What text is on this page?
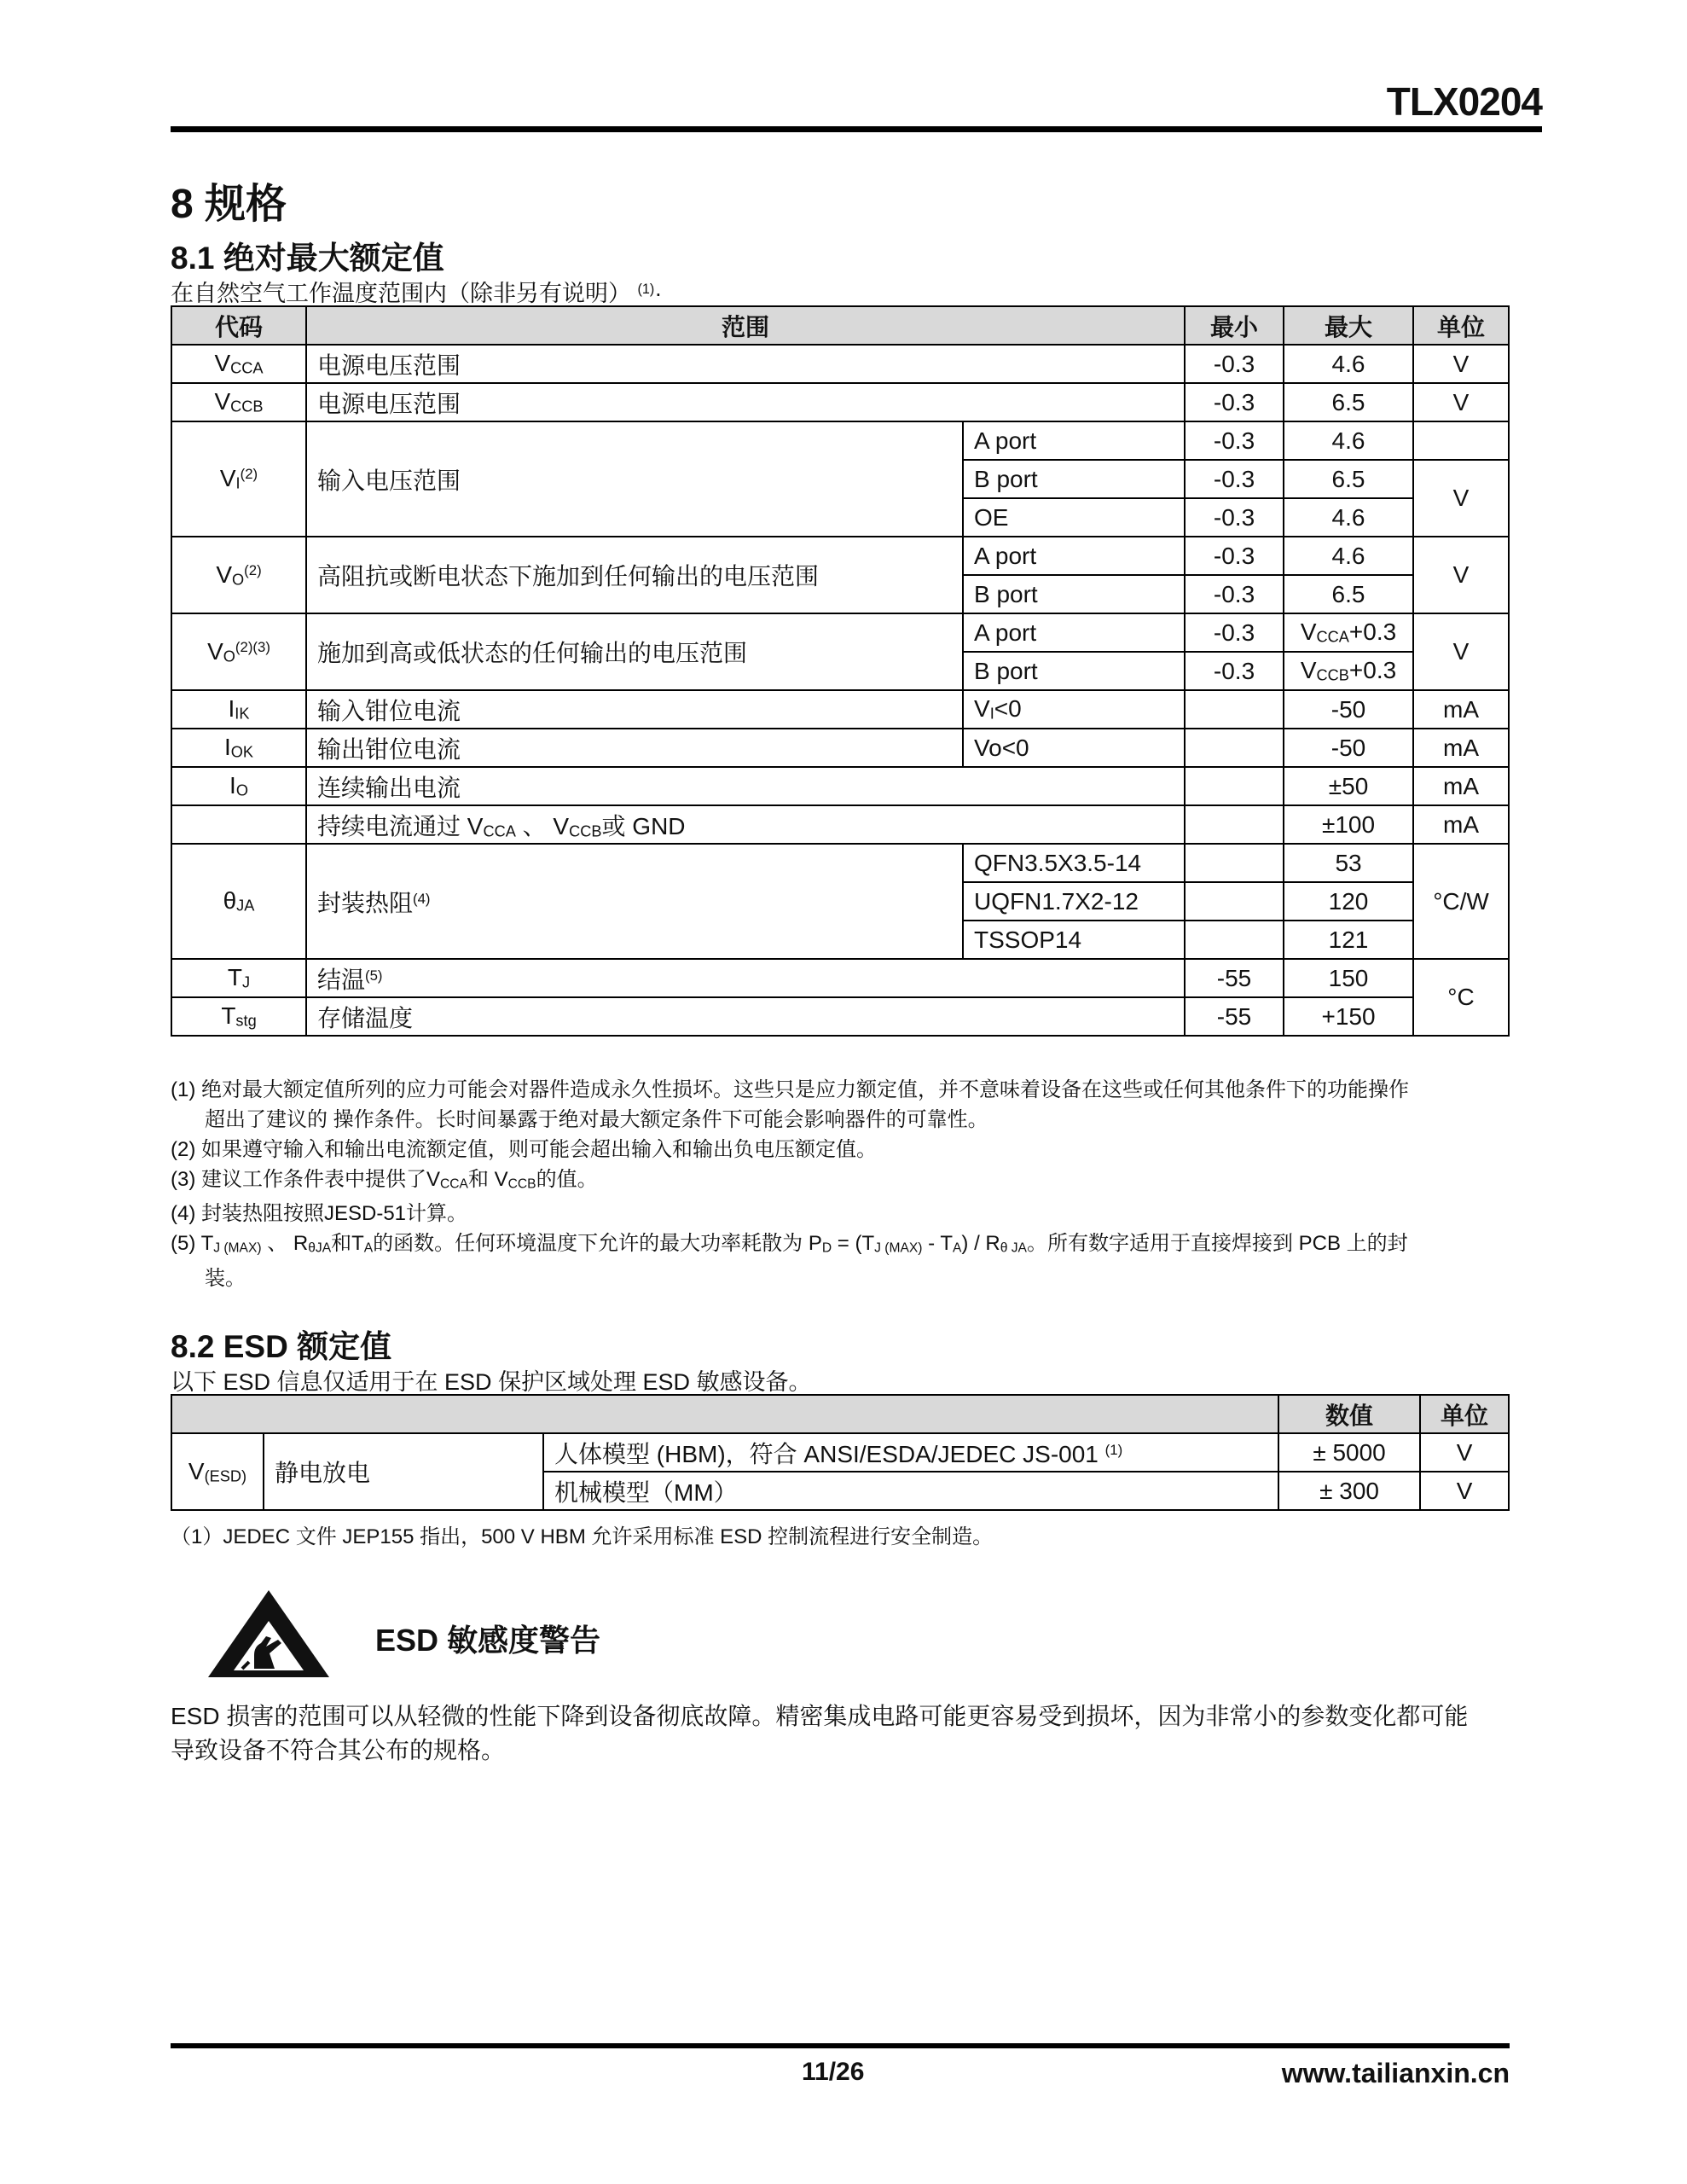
TLX0204
8 规格
8.1 绝对最大额定值
在自然空气工作温度范围内（除非另有说明） $^{(1)}$·
代码	范围		最小	最大	单位
$V_{CCA}$	电源电压范围		-0.3	4.6	V
$V_{CCB}$	电源电压范围		-0.3	6.5	V
$V_I^{(2)}$	输入电压范围	A port	-0.3	4.6	
		B port	-0.3	6.5	V
		OE	-0.3	4.6	
$V_O^{(2)}$	高阻抗或断电状态下施加到任何输出的电压范围	A port	-0.3	4.6	V
		B port	-0.3	6.5	
$V_O^{(2)(3)}$	施加到高或低状态的任何输出的电压范围	A port	-0.3	$V_{CCA}+0.3$	V
		B port	-0.3	$V_{CCB}+0.3$	
$I_{IK}$	输入钳位电流	$V_I<0$		-50	mA
$I_{OK}$	输出钳位电流	Vo<0		-50	mA
$I_O$	连续输出电流			±50	mA
	持续电流通过 $V_{CCA}$ 、 $V_{CCB}$或 GND			±100	mA
$\theta_{JA}$	封装热阻$^{(4)}$	QFN3.5X3.5-14		53	°C/W
		UQFN1.7X2-12		120	
		TSSOP14		121	
$T_J$	结温$^{(5)}$		-55	150	°C
$T_{stg}$	存储温度		-55	+150	
(1) 绝对最大额定值所列的应力可能会对器件造成永久性损坏。这些只是应力额定值，并不意味着设备在这些或任何其他条件下的功能操作
超出了建议的 操作条件。长时间暴露于绝对最大额定条件下可能会影响器件的可靠性。
(2) 如果遵守输入和输出电流额定值，则可能会超出输入和输出负电压额定值。
(3) 建议工作条件表中提供了$V_{CCA}$和 $V_{CCB}$的值。
(4) 封装热阻按照JESD-51计算。
(5) $T_{J (MAX)}$ 、 $R_{\theta JA}$和$T_A$的函数。任何环境温度下允许的最大功率耗散为 $P_D = (T_{J (MAX)} - T_A) / R_{\theta JA}$。所有数字适用于直接焊接到 PCB 上的封
装。
8.2 ESD 额定值
以下 ESD 信息仅适用于在 ESD 保护区域处理 ESD 敏感设备。
			数值	单位
$V_{(ESD)}$	静电放电	人体模型 (HBM)，符合 ANSI/ESDA/JEDEC JS-001 $^{(1)}$	± 5000	V
		机械模型（MM）	± 300	V
（1）JEDEC 文件 JEP155 指出，500 V HBM 允许采用标准 ESD 控制流程进行安全制造。
ESD 敏感度警告
ESD 损害的范围可以从轻微的性能下降到设备彻底故障。精密集成电路可能更容易受到损坏，因为非常小的参数变化都可能
导致设备不符合其公布的规格。
11/26	www.tailianxin.cn
